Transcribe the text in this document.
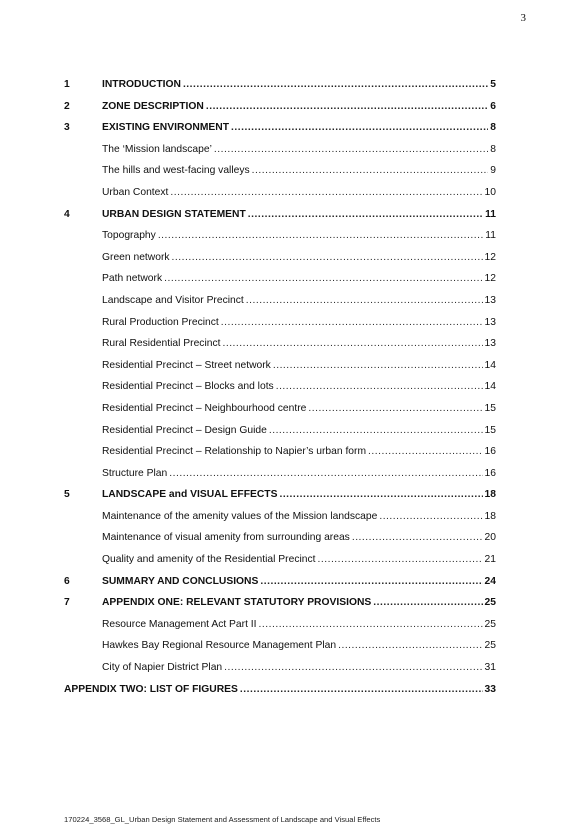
3
1	INTRODUCTION .....	5
2	ZONE DESCRIPTION .....	6
3	EXISTING ENVIRONMENT .....	8
The ‘Mission landscape’ .....	8
The hills and west-facing valleys .....	9
Urban Context .....	10
4	URBAN DESIGN STATEMENT .....	11
Topography .....	11
Green network .....	12
Path network .....	12
Landscape and Visitor Precinct .....	13
Rural Production Precinct .....	13
Rural Residential Precinct .....	13
Residential Precinct – Street network .....	14
Residential Precinct – Blocks and lots .....	14
Residential Precinct – Neighbourhood centre .....	15
Residential Precinct – Design Guide .....	15
Residential Precinct – Relationship to Napier’s urban form .....	16
Structure Plan .....	16
5	LANDSCAPE and VISUAL EFFECTS .....	18
Maintenance of the amenity values of the Mission landscape .....	18
Maintenance of visual amenity from surrounding areas .....	20
Quality and amenity of the Residential Precinct .....	21
6	SUMMARY AND CONCLUSIONS .....	24
7	APPENDIX ONE: RELEVANT STATUTORY PROVISIONS .....	25
Resource Management Act Part II .....	25
Hawkes Bay Regional Resource Management Plan .....	25
City of Napier District Plan .....	31
APPENDIX TWO: LIST OF FIGURES .....	33
170224_3568_GL_Urban Design Statement and Assessment of Landscape and Visual Effects
